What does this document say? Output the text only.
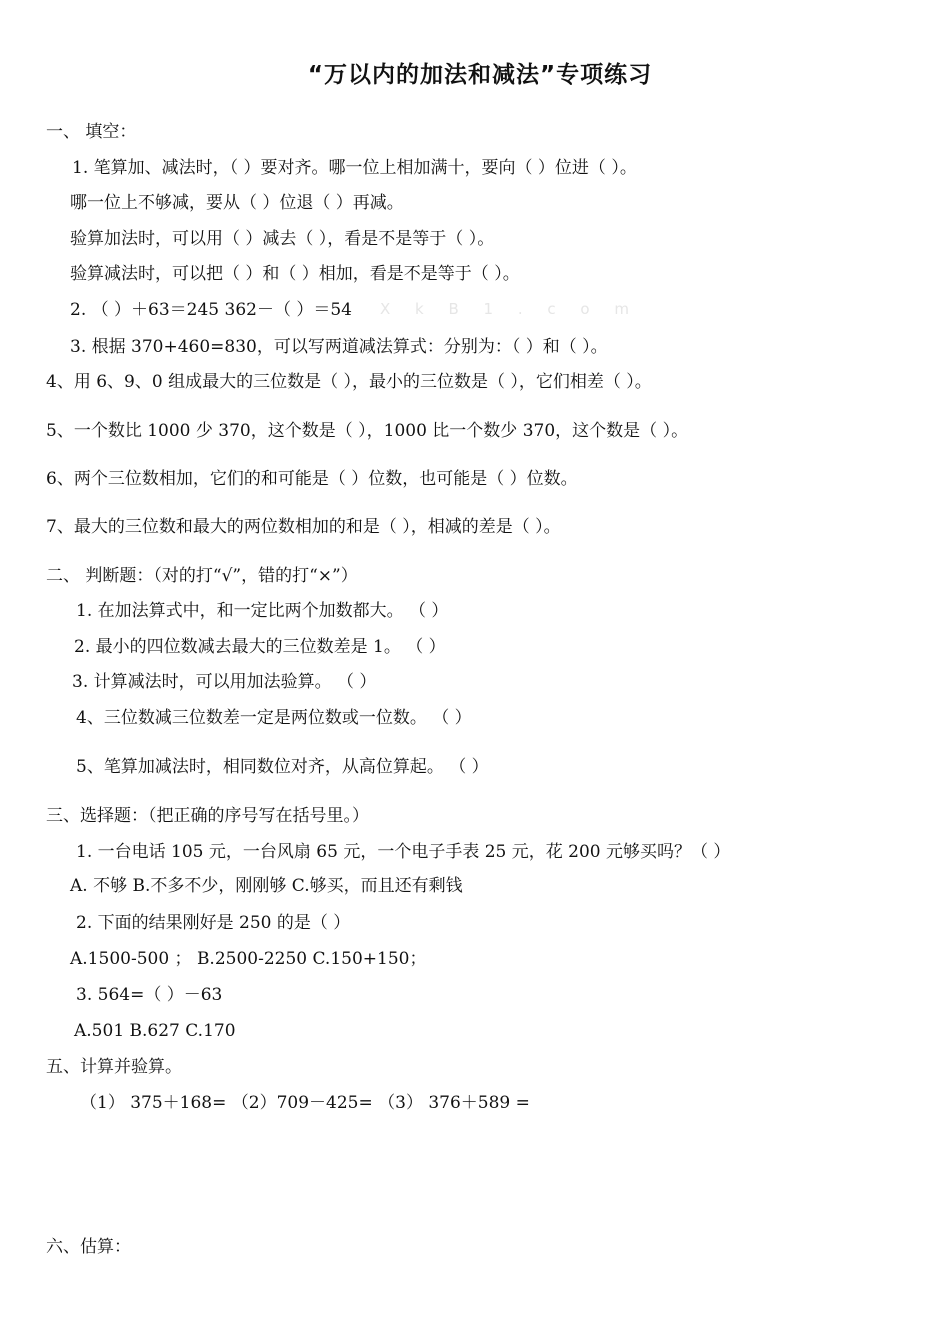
“万以内的加法和减法”专项练习
X k B 1 . c o m
一、 填空：
1. 笔算加、减法时，（ ）要对齐。哪一位上相加满十，要向（ ）位进（ ）。
哪一位上不够减，要从（ ）位退（ ）再减。
验算加法时，可以用（ ）减去（ ），看是不是等于（ ）。
验算减法时，可以把（ ）和（ ）相加，看是不是等于（ ）。
2. （ ）＋63＝245 362－（ ）＝54
3. 根据 370+460=830，可以写两道减法算式：分别为：（ ）和（ ）。
4、用 6、9、0 组成最大的三位数是（ ），最小的三位数是（ ），它们相差（ ）。
5、一个数比 1000 少 370，这个数是（ ），1000 比一个数少 370，这个数是（ ）。
6、两个三位数相加，它们的和可能是（ ）位数，也可能是（ ）位数。
7、最大的三位数和最大的两位数相加的和是（ ），相减的差是（ ）。
二、 判断题：（对的打“√”，错的打“×”）
1. 在加法算式中，和一定比两个加数都大。 （ ）
2. 最小的四位数减去最大的三位数差是 1。 （ ）
3. 计算减法时，可以用加法验算。 （ ）
4、三位数减三位数差一定是两位数或一位数。 （ ）
5、笔算加减法时，相同数位对齐，从高位算起。 （ ）
三、选择题：（把正确的序号写在括号里。）
1. 一台电话 105 元，一台风扇 65 元，一个电子手表 25 元，花 200 元够买吗？（ ）
A. 不够 B.不多不少，刚刚够 C.够买，而且还有剩钱
2. 下面的结果刚好是 250 的是（ ）
A.1500-500 ； B.2500-2250 C.150+150；
3. 564=（ ）－63
A.501 B.627 C.170
五、计算并验算。
（1） 375＋168= （2）709－425= （3） 376＋589 =
六、估算：
